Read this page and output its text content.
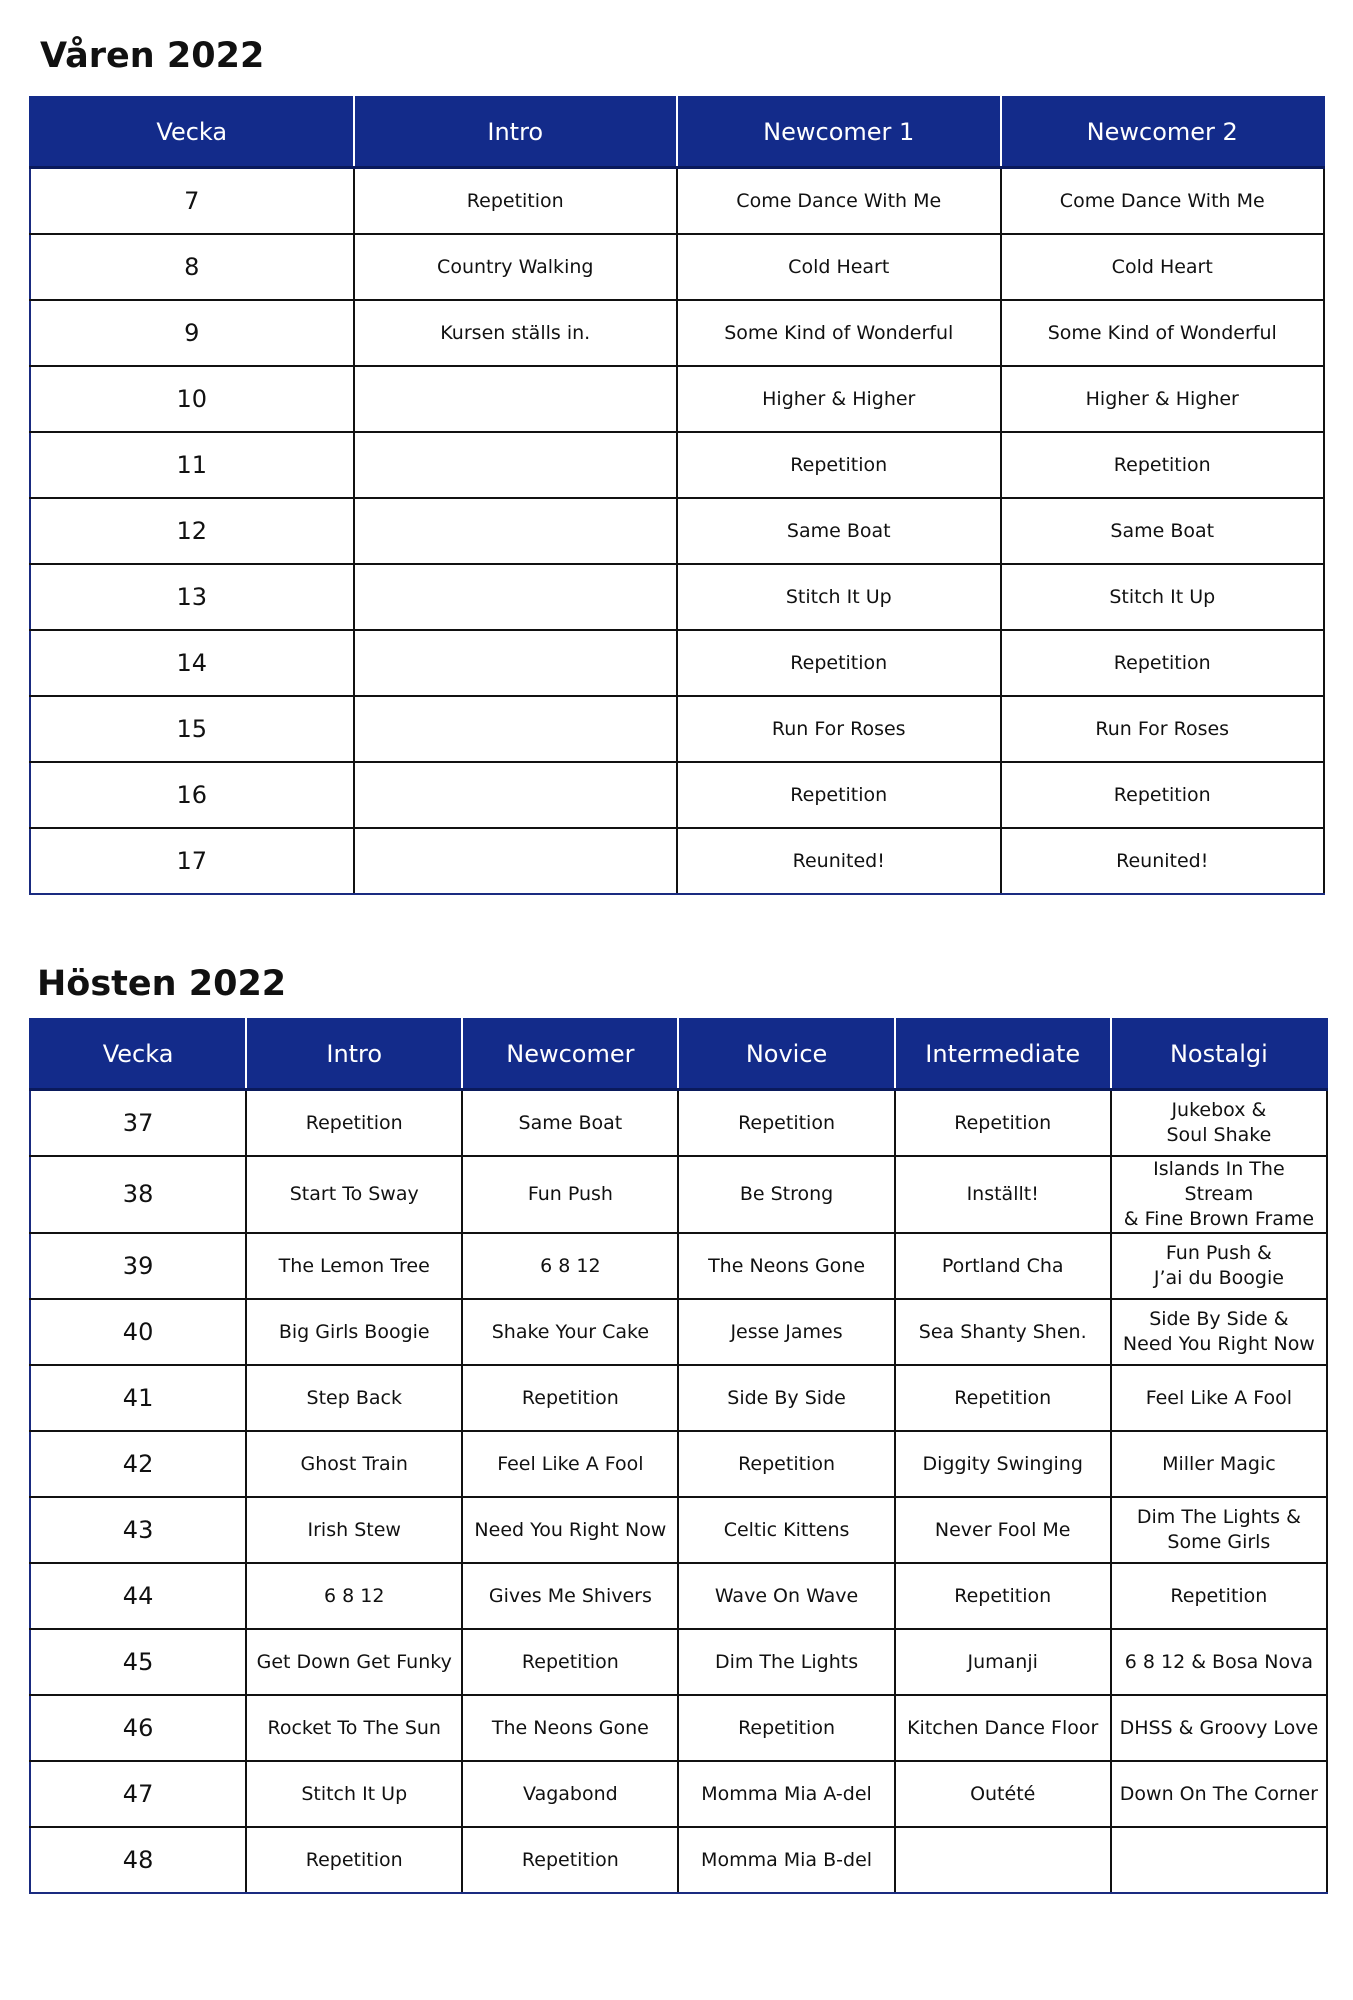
Våren 2022
Vecka	Intro	Newcomer 1	Newcomer 2
7	Repetition	Come Dance With Me	Come Dance With Me
8	Country Walking	Cold Heart	Cold Heart
9	Kursen ställs in.	Some Kind of Wonderful	Some Kind of Wonderful
10		Higher & Higher	Higher & Higher
11		Repetition	Repetition
12		Same Boat	Same Boat
13		Stitch It Up	Stitch It Up
14		Repetition	Repetition
15		Run For Roses	Run For Roses
16		Repetition	Repetition
17		Reunited!	Reunited!
Hösten 2022
Vecka	Intro	Newcomer	Novice	Intermediate	Nostalgi
37	Repetition	Same Boat	Repetition	Repetition	Jukebox &
Soul Shake
38	Start To Sway	Fun Push	Be Strong	Inställt!	Islands In The Stream
& Fine Brown Frame
39	The Lemon Tree	6 8 12	The Neons Gone	Portland Cha	Fun Push &
J’ai du Boogie
40	Big Girls Boogie	Shake Your Cake	Jesse James	Sea Shanty Shen.	Side By Side &
Need You Right Now
41	Step Back	Repetition	Side By Side	Repetition	Feel Like A Fool
42	Ghost Train	Feel Like A Fool	Repetition	Diggity Swinging	Miller Magic
43	Irish Stew	Need You Right Now	Celtic Kittens	Never Fool Me	Dim The Lights &
Some Girls
44	6 8 12	Gives Me Shivers	Wave On Wave	Repetition	Repetition
45	Get Down Get Funky	Repetition	Dim The Lights	Jumanji	6 8 12 & Bosa Nova
46	Rocket To The Sun	The Neons Gone	Repetition	Kitchen Dance Floor	DHSS & Groovy Love
47	Stitch It Up	Vagabond	Momma Mia A-del	Outété	Down On The Corner
48	Repetition	Repetition	Momma Mia B-del		
